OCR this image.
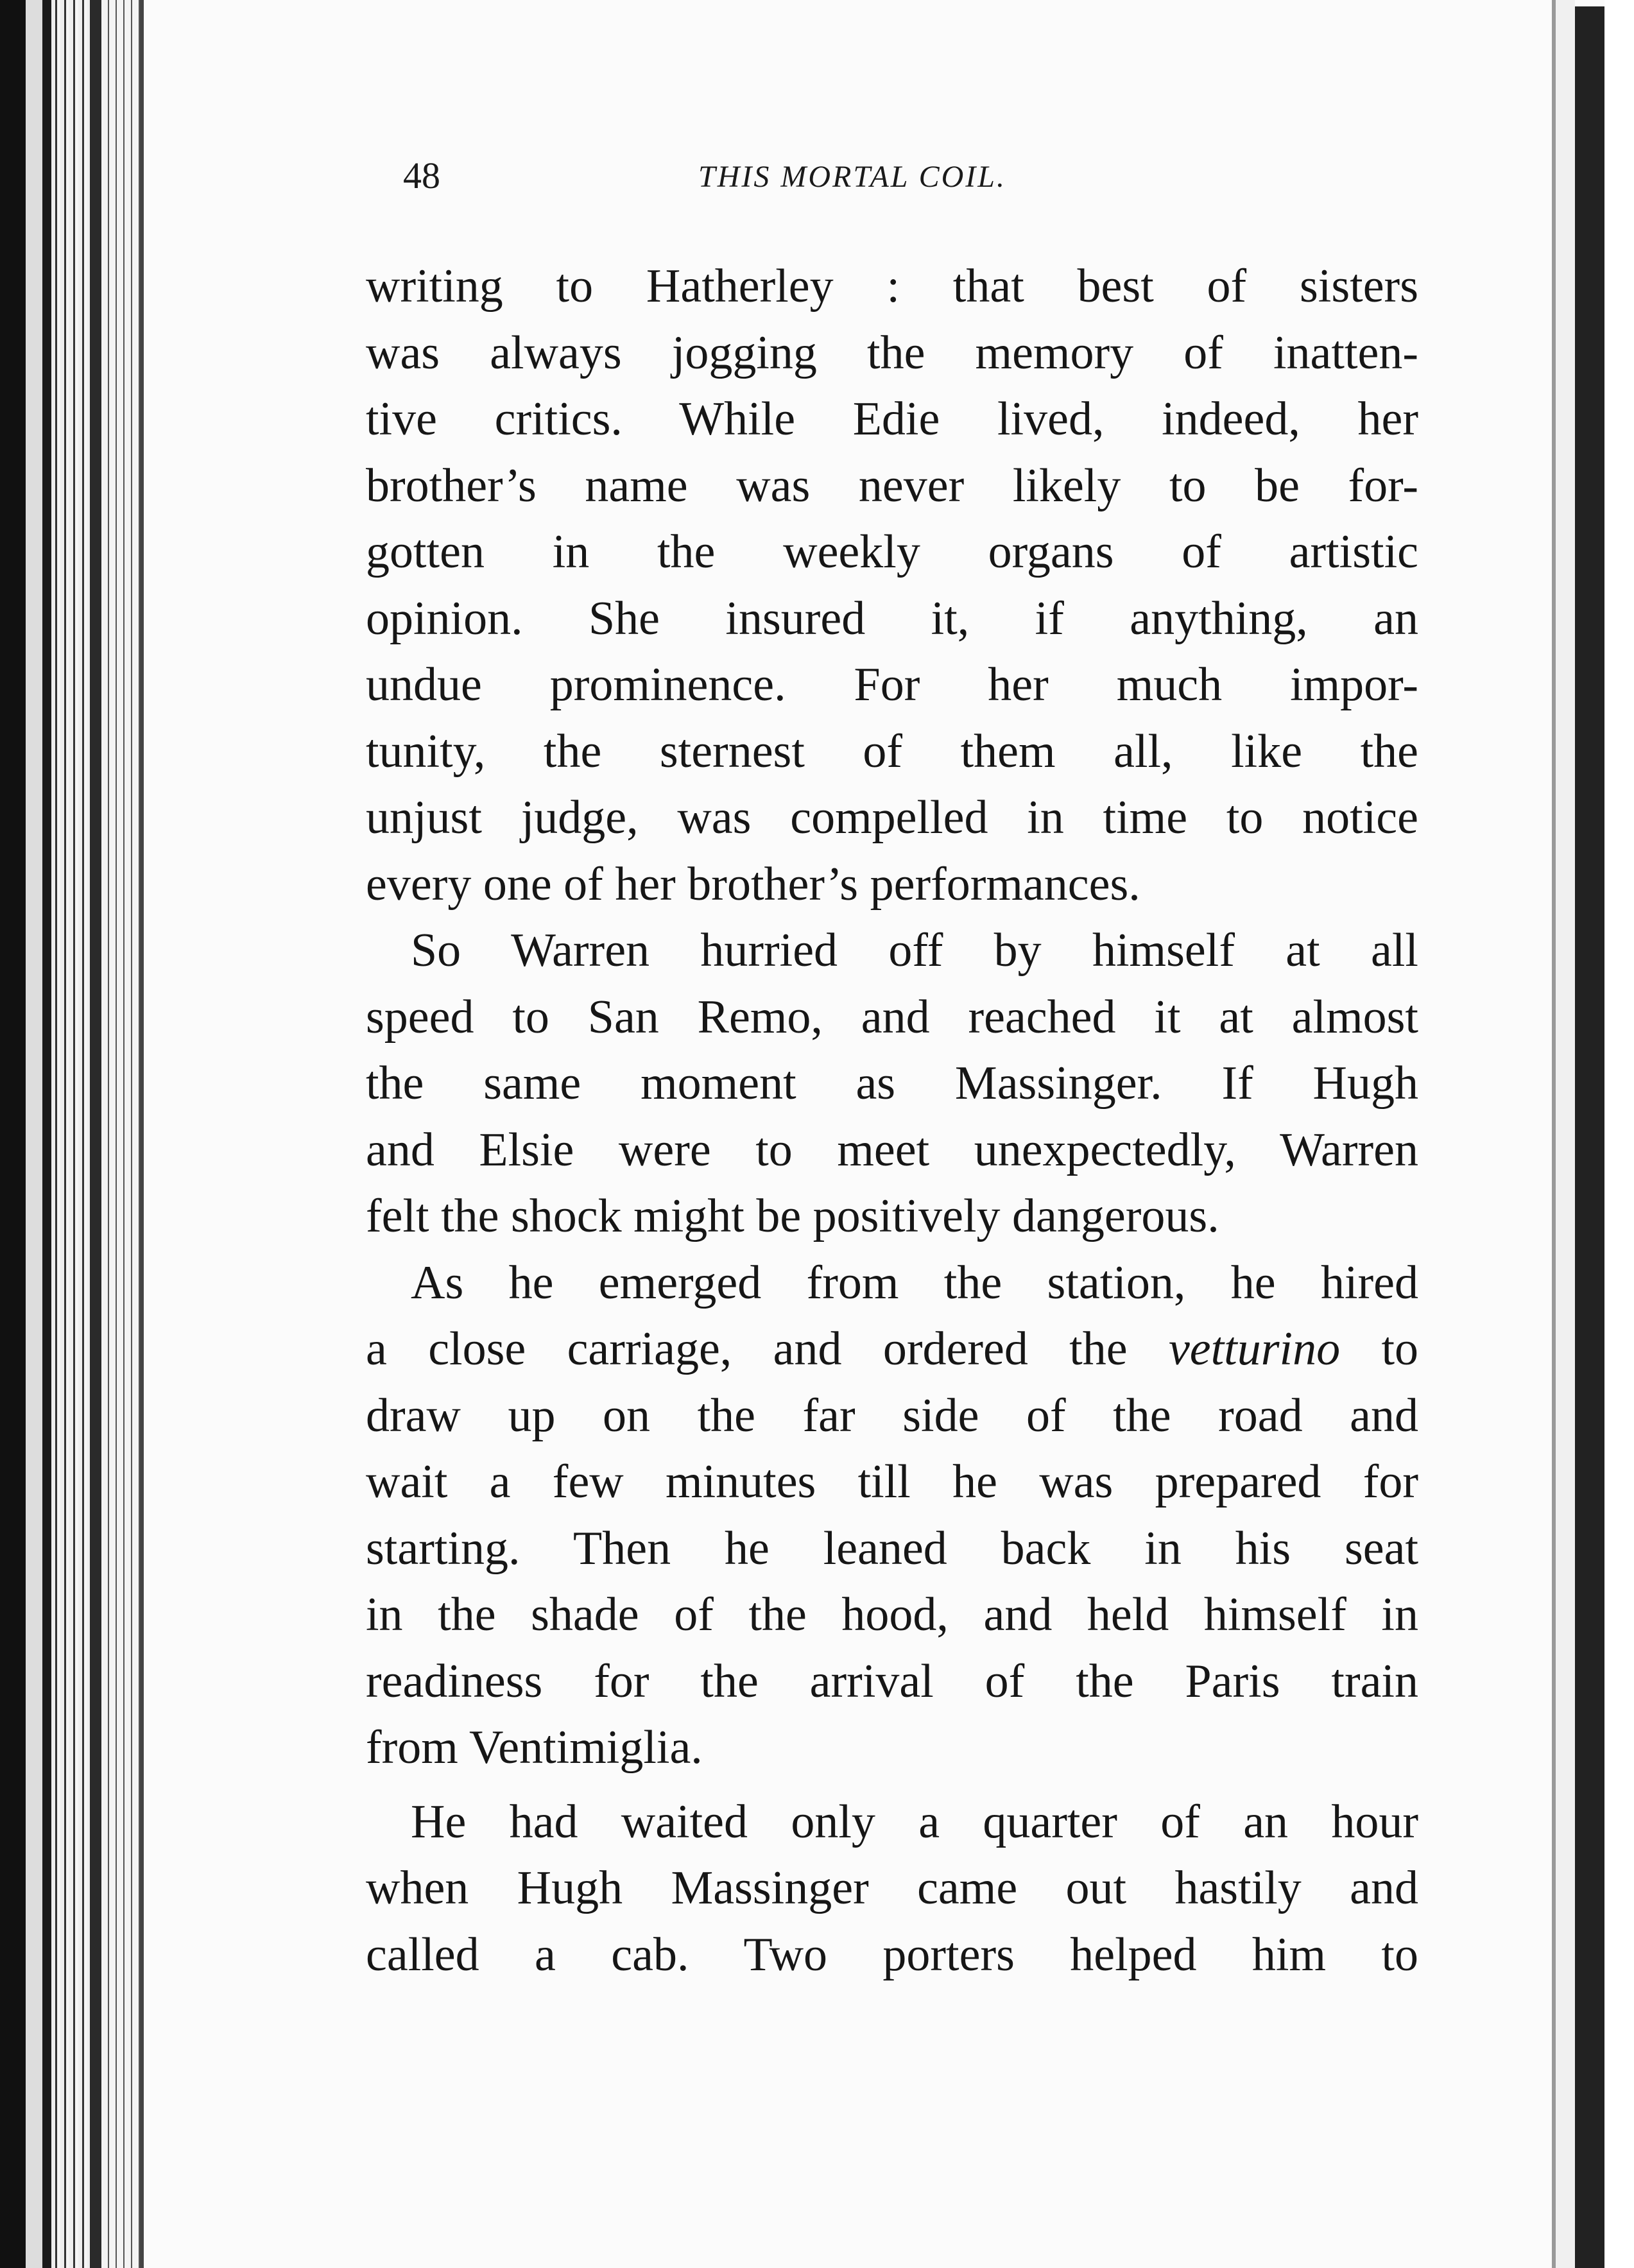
48	THIS MORTAL COIL.
writing to Hatherley : that best of sisters
was always jogging the memory of inatten-
tive critics. While Edie lived, indeed, her
brother’s name was never likely to be for-
gotten in the weekly organs of artistic
opinion. She insured it, if anything, an
undue prominence. For her much impor-
tunity, the sternest of them all, like the
unjust judge, was compelled in time to notice
every one of her brother’s performances.
So Warren hurried off by himself at all
speed to San Remo, and reached it at almost
the same moment as Massinger. If Hugh
and Elsie were to meet unexpectedly, Warren
felt the shock might be positively dangerous.
As he emerged from the station, he hired
a close carriage, and ordered the vetturino to
draw up on the far side of the road and
wait a few minutes till he was prepared for
starting. Then he leaned back in his seat
in the shade of the hood, and held himself in
readiness for the arrival of the Paris train
from Ventimiglia.
He had waited only a quarter of an hour
when Hugh Massinger came out hastily and
called a cab. Two porters helped him to
